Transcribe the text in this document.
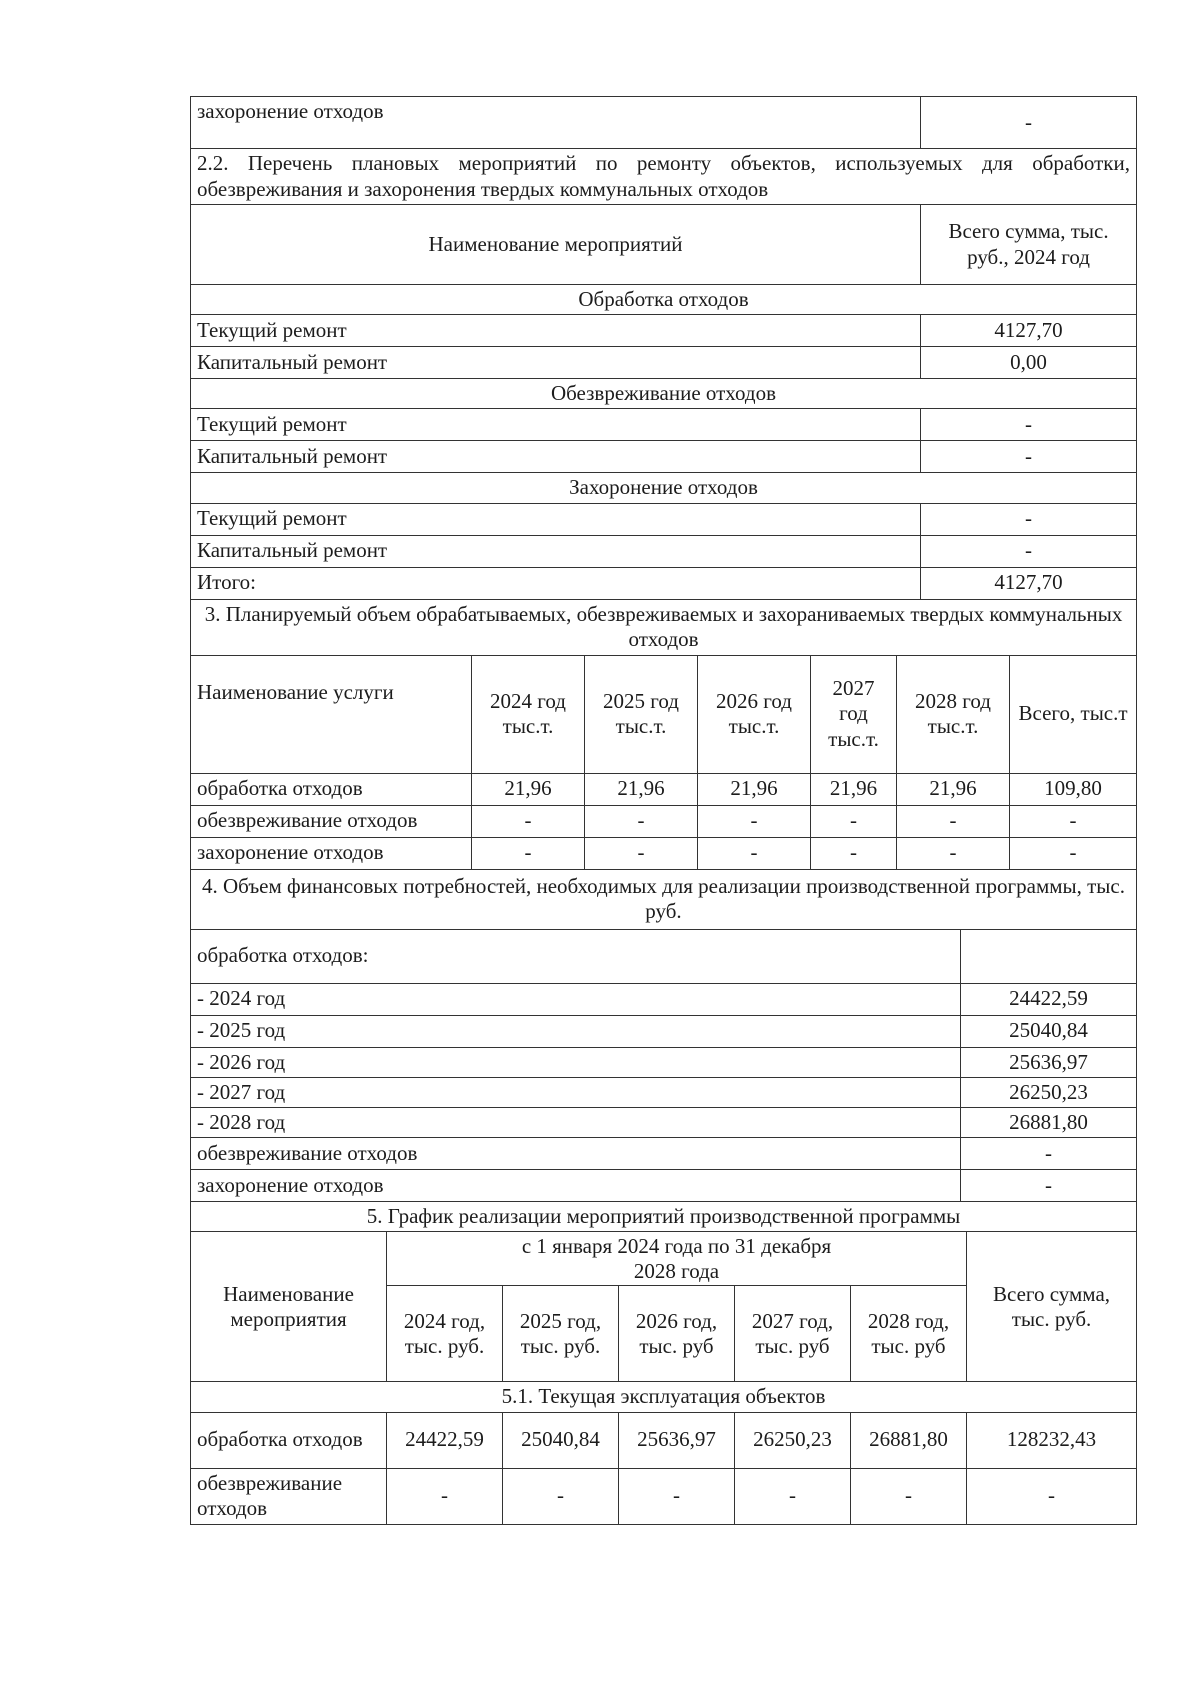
захоронение отходов	-
2.2. Перечень плановых мероприятий по ремонту объектов, используемых для обработки, обезвреживания и захоронения твердых коммунальных отходов	
Наименование мероприятий	Всего сумма, тыс. руб., 2024 год
Обработка отходов	
Текущий ремонт	4127,70
Капитальный ремонт	0,00
Обезвреживание отходов	
Текущий ремонт	-
Капитальный ремонт	-
Захоронение отходов	
Текущий ремонт	-
Капитальный ремонт	-
Итого:	4127,70
3. Планируемый объем обрабатываемых, обезвреживаемых и захораниваемых твердых коммунальных отходов						
Наименование услуги	2024 год тыс.т.	2025 год тыс.т.	2026 год тыс.т.	2027 год тыс.т.	2028 год тыс.т.	Всего, тыс.т
обработка отходов	21,96	21,96	21,96	21,96	21,96	109,80
обезвреживание отходов	-	-	-	-	-	-
захоронение отходов	-	-	-	-	-	-
4. Объем финансовых потребностей, необходимых для реализации производственной программы, тыс. руб.	
обработка отходов:	
- 2024 год	24422,59
- 2025 год	25040,84
- 2026 год	25636,97
- 2027 год	26250,23
- 2028 год	26881,80
обезвреживание отходов	-
захоронение отходов	-
5. График реализации мероприятий производственной программы						
Наименование мероприятия	с 1 января 2024 года по 31 декабря 2028 года					Всего сумма, тыс. руб.
	2024 год, тыс. руб.	2025 год, тыс. руб.	2026 год, тыс. руб	2027 год, тыс. руб	2028 год, тыс. руб	
5.1. Текущая эксплуатация объектов						
обработка отходов	24422,59	25040,84	25636,97	26250,23	26881,80	128232,43
обезвреживание отходов	-	-	-	-	-	-
